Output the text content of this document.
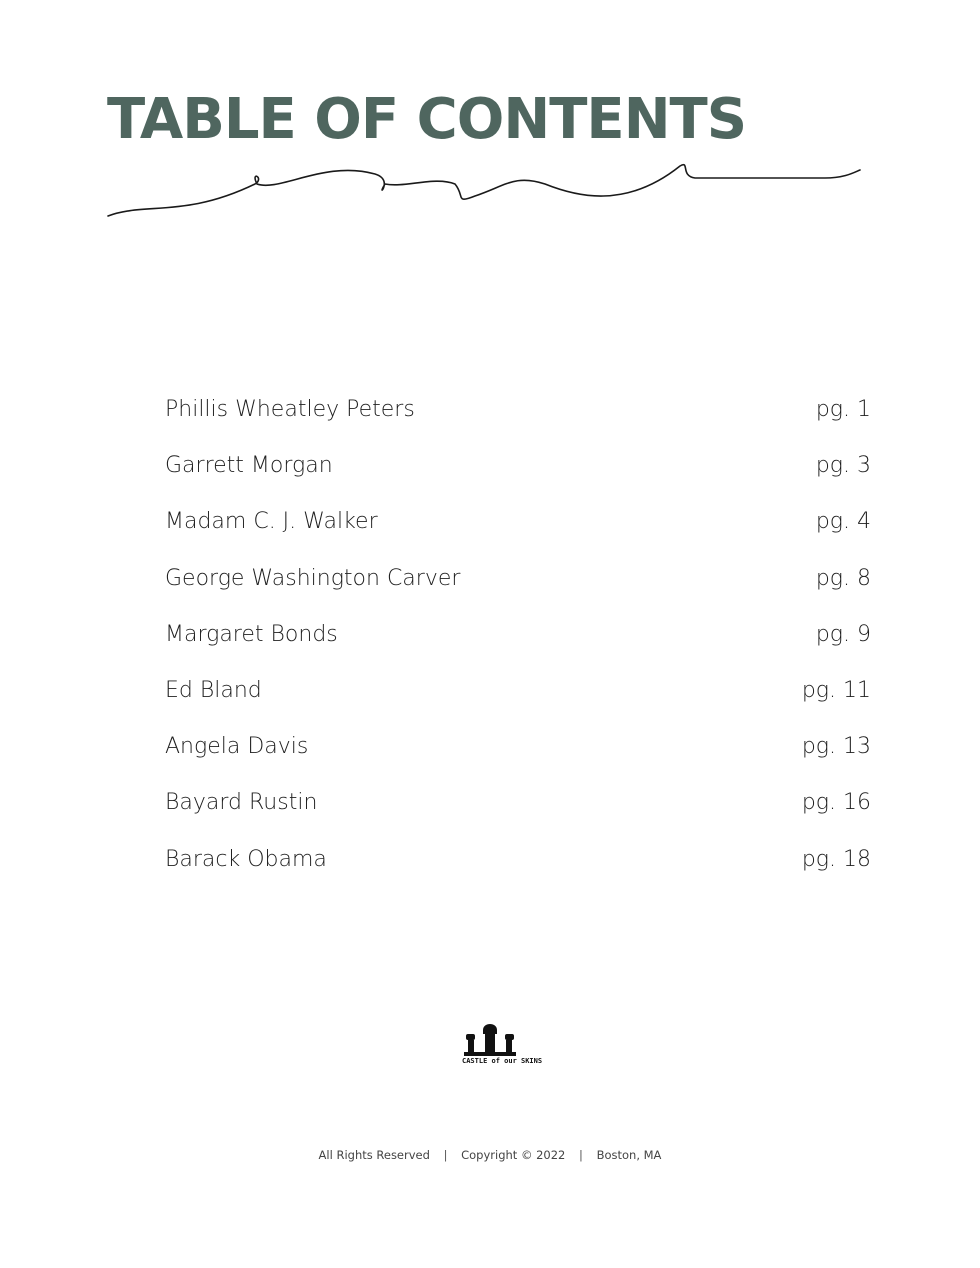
TABLE OF CONTENTS
Phillis Wheatley Peters	pg. 1
Garrett Morgan	pg. 3
Madam C. J. Walker	pg. 4
George Washington Carver	pg. 8
Margaret Bonds	pg. 9
Ed Bland	pg. 11
Angela Davis	pg. 13
Bayard Rustin	pg. 16
Barack Obama	pg. 18
CASTLE of our SKINS
All Rights Reserved | Copyright © 2022 | Boston, MA
